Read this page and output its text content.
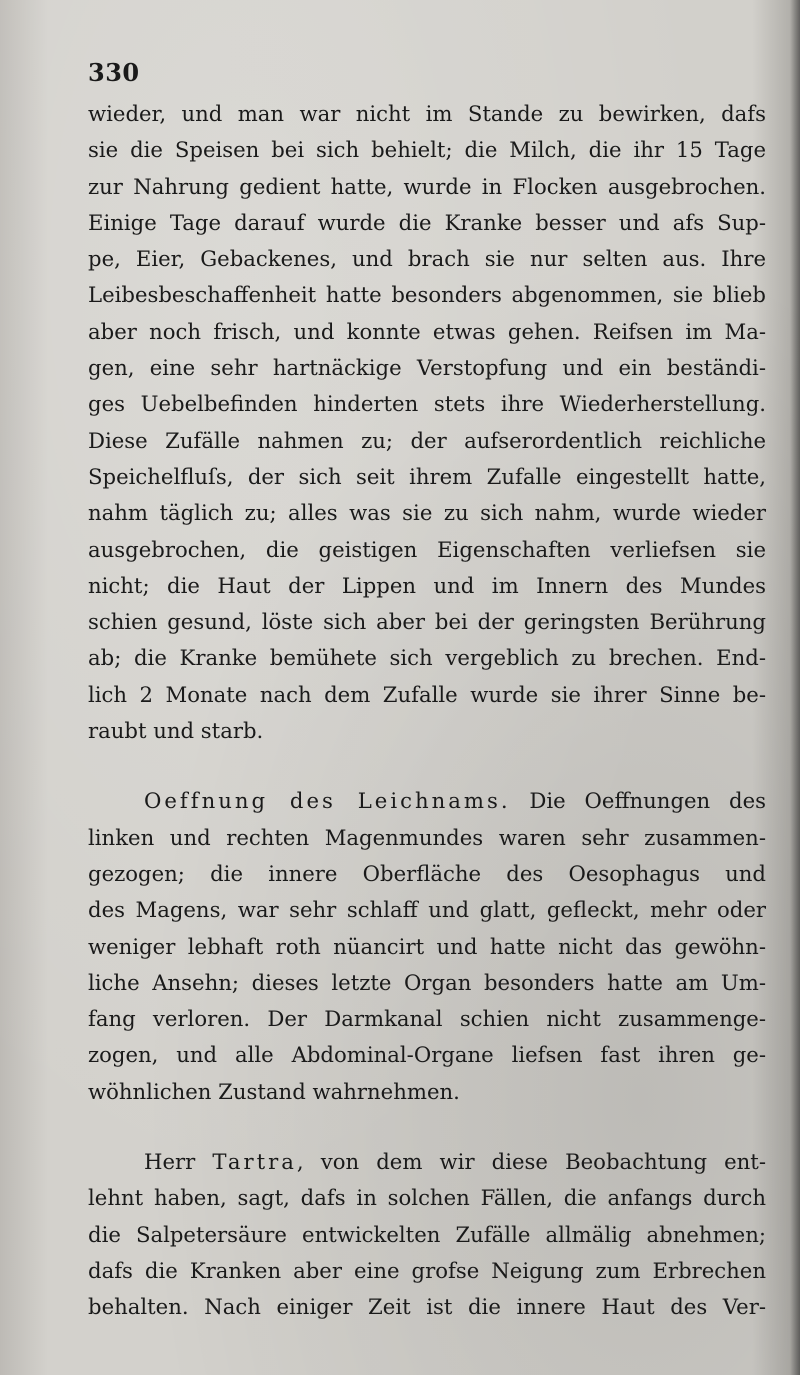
330
wieder, und man war nicht im Stande zu bewirken, dafs
sie die Speisen bei sich behielt; die Milch, die ihr 15 Tage
zur Nahrung gedient hatte, wurde in Flocken ausgebrochen.
Einige Tage darauf wurde die Kranke besser und afs Sup-
pe, Eier, Gebackenes, und brach sie nur selten aus. Ihre
Leibesbeschaffenheit hatte besonders abgenommen, sie blieb
aber noch frisch, und konnte etwas gehen. Reifsen im Ma-
gen, eine sehr hartnäckige Verstopfung und ein beständi-
ges Uebelbefinden hinderten stets ihre Wiederherstellung.
Diese Zufälle nahmen zu; der aufserordentlich reichliche
Speichelfluſs, der sich seit ihrem Zufalle eingestellt hatte,
nahm täglich zu; alles was sie zu sich nahm, wurde wieder
ausgebrochen, die geistigen Eigenschaften verliefsen sie
nicht; die Haut der Lippen und im Innern des Mundes
schien gesund, löste sich aber bei der geringsten Berührung
ab; die Kranke bemühete sich vergeblich zu brechen. End-
lich 2 Monate nach dem Zufalle wurde sie ihrer Sinne be-
raubt und starb.
Oeffnung des Leichnams. Die Oeffnungen des
linken und rechten Magenmundes waren sehr zusammen-
gezogen; die innere Oberfläche des Oesophagus und
des Magens, war sehr schlaff und glatt, gefleckt, mehr oder
weniger lebhaft roth nüancirt und hatte nicht das gewöhn-
liche Ansehn; dieses letzte Organ besonders hatte am Um-
fang verloren. Der Darmkanal schien nicht zusammenge-
zogen, und alle Abdominal-Organe liefsen fast ihren ge-
wöhnlichen Zustand wahrnehmen.
Herr Tartra, von dem wir diese Beobachtung ent-
lehnt haben, sagt, dafs in solchen Fällen, die anfangs durch
die Salpetersäure entwickelten Zufälle allmälig abnehmen;
dafs die Kranken aber eine grofse Neigung zum Erbrechen
behalten. Nach einiger Zeit ist die innere Haut des Ver-
